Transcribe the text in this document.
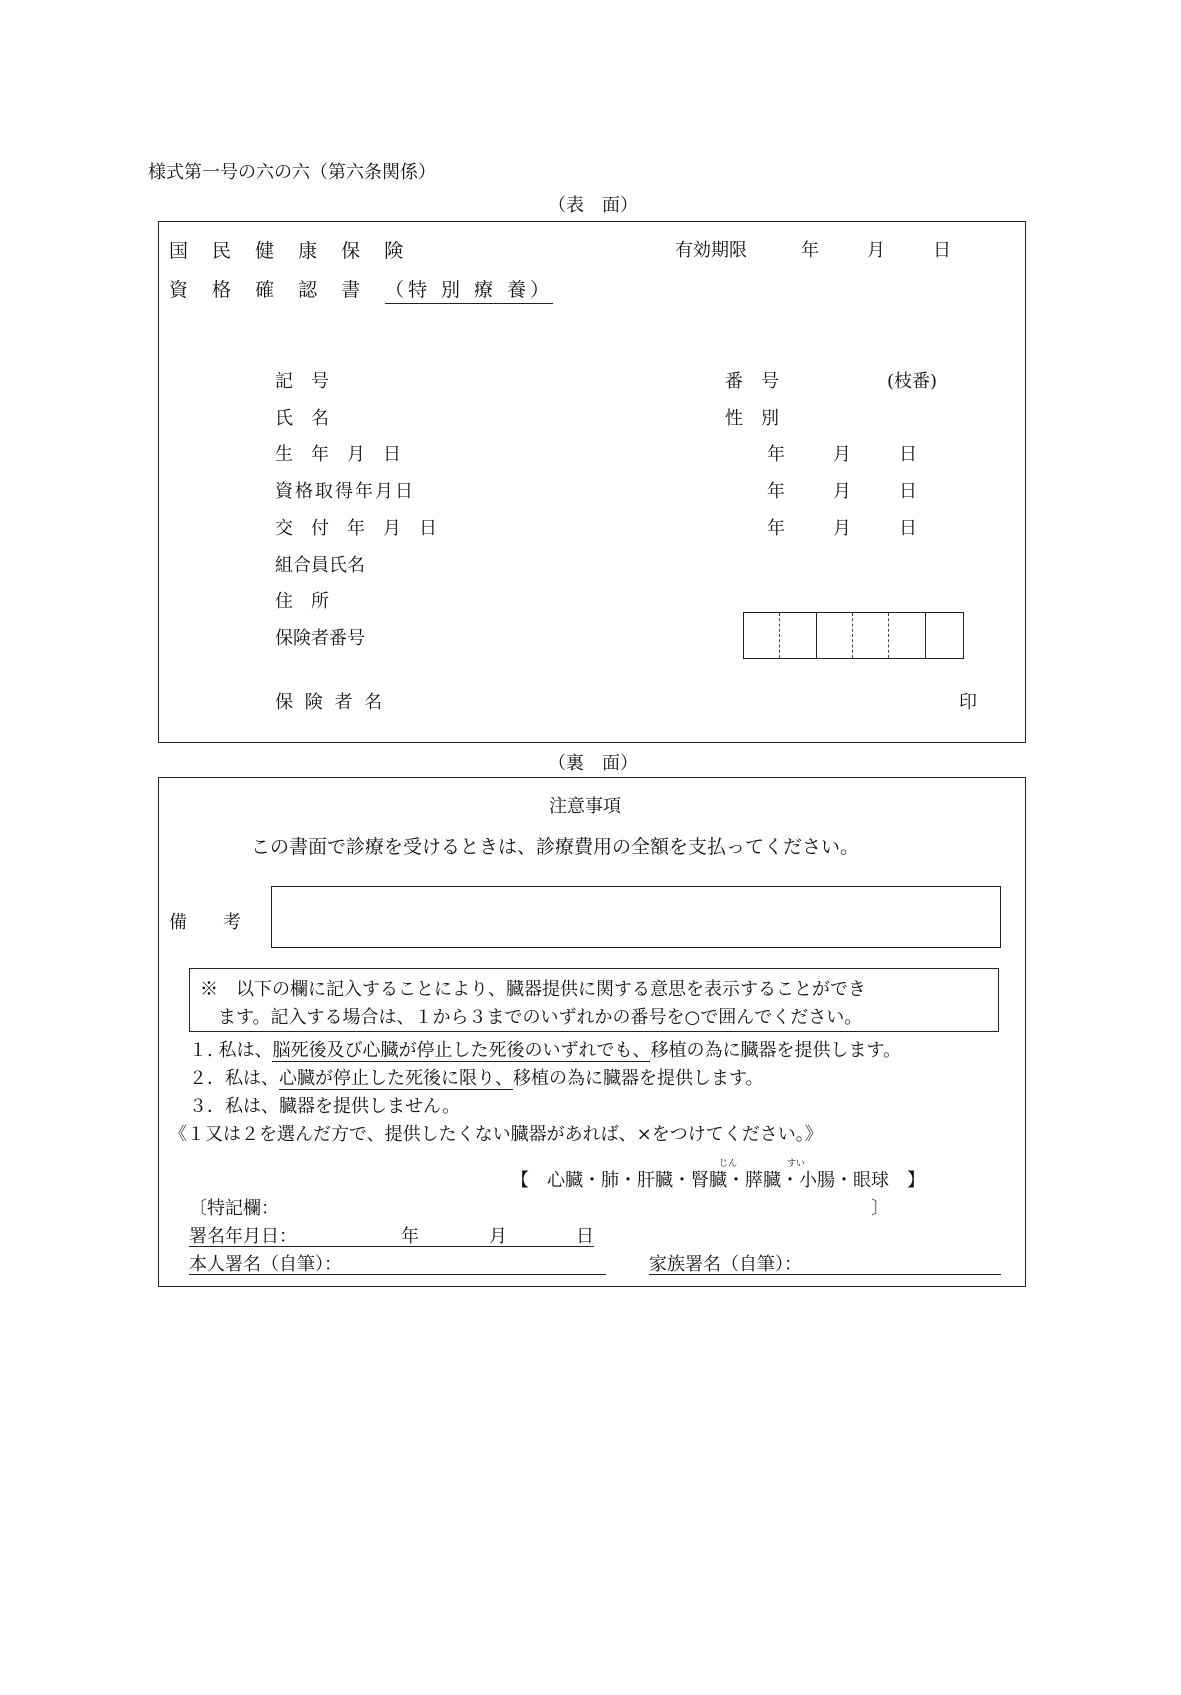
様式第一号の六の六（第六条関係）
（表　面）
国 民 健 康 保 険
資 格 確 認 書 （特 別 療 養）
有効期限	年	月	日
記　号	番　号	(枝番)
氏　名	性　別
生　年　月　日	年	月	日
資格取得年月日	年	月	日
交　付　年　月　日	年	月	日
組合員氏名
住　所
保険者番号
保 険 者 名	印
（裏　面）
注意事項
この書面で診療を受けるときは、診療費用の全額を支払ってください。
備　　考
※　以下の欄に記入することにより、臓器提供に関する意思を表示することができ
ます。記入する場合は、１から３までのいずれかの番号を○で囲んでください。
１. 私は、脳死後及び心臓が停止した死後のいずれでも、移植の為に臓器を提供します。
２．私は、心臓が停止した死後に限り、移植の為に臓器を提供します。
３．私は、臓器を提供しません。
《１又は２を選んだ方で、提供したくない臓器があれば、×をつけてください。》
じん	すい
【　心臓・肺・肝臓・腎臓・膵臓・小腸・眼球　】
〔特記欄：	〕
署名年月日：	年	月	日
本人署名（自筆）：	家族署名（自筆）：
